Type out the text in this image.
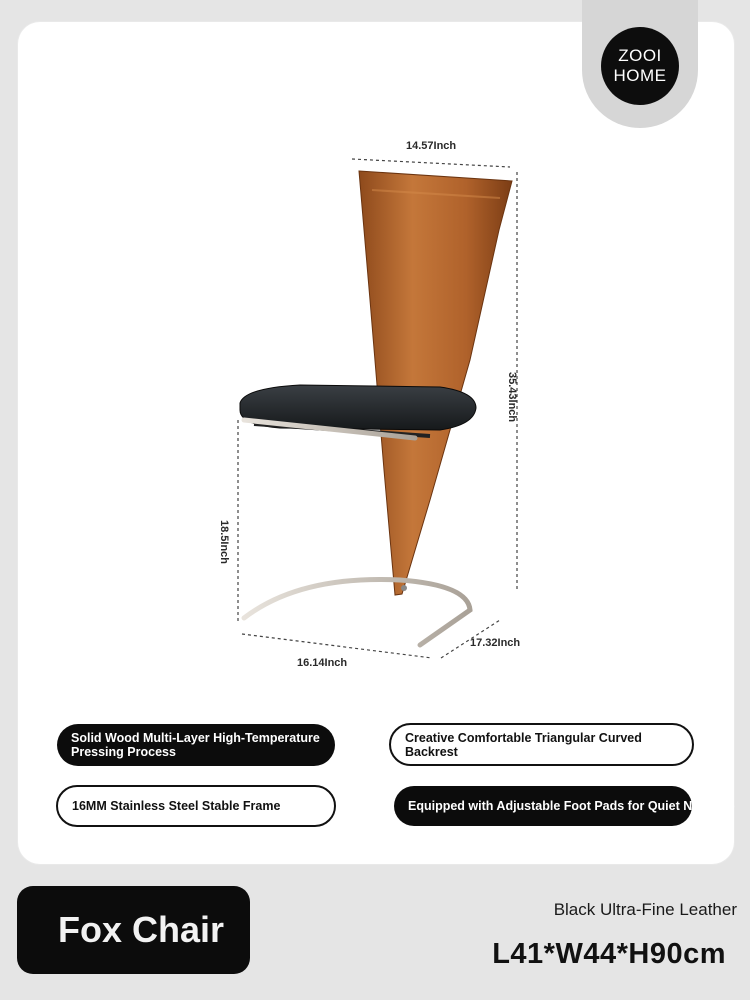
ZOOI
HOME
14.57Inch
35.43Inch
18.5Inch
16.14Inch
17.32Inch
Solid Wood Multi-Layer High-Temperature Pressing Process
Creative Comfortable Triangular Curved Backrest
16MM Stainless Steel Stable Frame	Equipped with Adjustable Foot Pads for Quiet Non-Slip
Fox Chair	Black Ultra-Fine Leather
L41*W44*H90cm
